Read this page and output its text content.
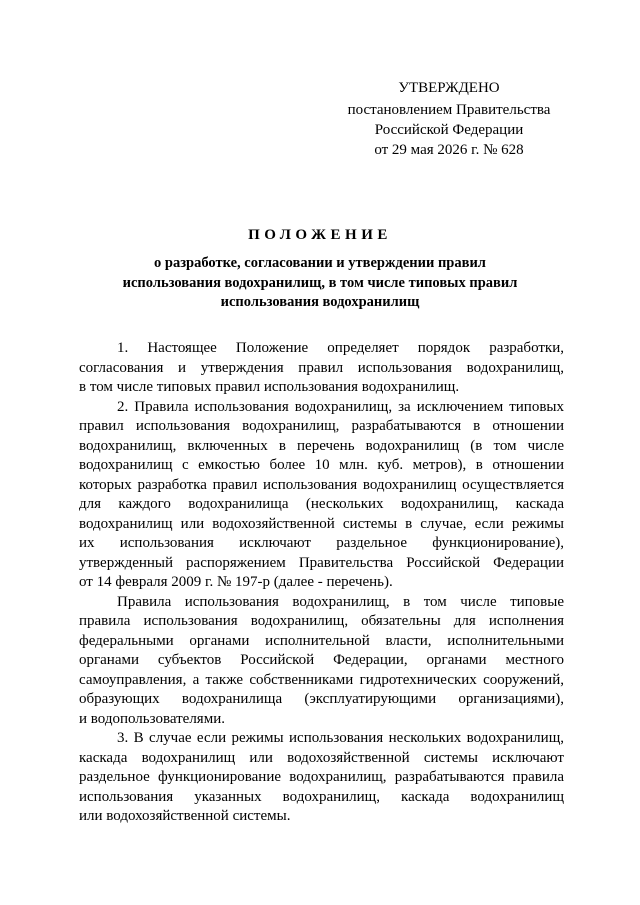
УТВЕРЖДЕНО
постановлением Правительства
Российской Федерации
от 29 мая 2026 г. № 628
ПОЛОЖЕНИЕ
о разработке, согласовании и утверждении правил
использования водохранилищ, в том числе типовых правил
использования водохранилищ
1. Настоящее Положение определяет порядок разработки,
согласования и утверждения правил использования водохранилищ,
в том числе типовых правил использования водохранилищ.
2. Правила использования водохранилищ, за исключением типовых
правил использования водохранилищ, разрабатываются в отношении
водохранилищ, включенных в перечень водохранилищ (в том числе
водохранилищ с емкостью более 10 млн. куб. метров), в отношении
которых разработка правил использования водохранилищ осуществляется
для каждого водохранилища (нескольких водохранилищ, каскада
водохранилищ или водохозяйственной системы в случае, если режимы
их использования исключают раздельное функционирование),
утвержденный распоряжением Правительства Российской Федерации
от 14 февраля 2009 г. № 197-р (далее - перечень).
Правила использования водохранилищ, в том числе типовые
правила использования водохранилищ, обязательны для исполнения
федеральными органами исполнительной власти, исполнительными
органами субъектов Российской Федерации, органами местного
самоуправления, а также собственниками гидротехнических сооружений,
образующих водохранилища (эксплуатирующими организациями),
и водопользователями.
3. В случае если режимы использования нескольких водохранилищ,
каскада водохранилищ или водохозяйственной системы исключают
раздельное функционирование водохранилищ, разрабатываются правила
использования указанных водохранилищ, каскада водохранилищ
или водохозяйственной системы.
